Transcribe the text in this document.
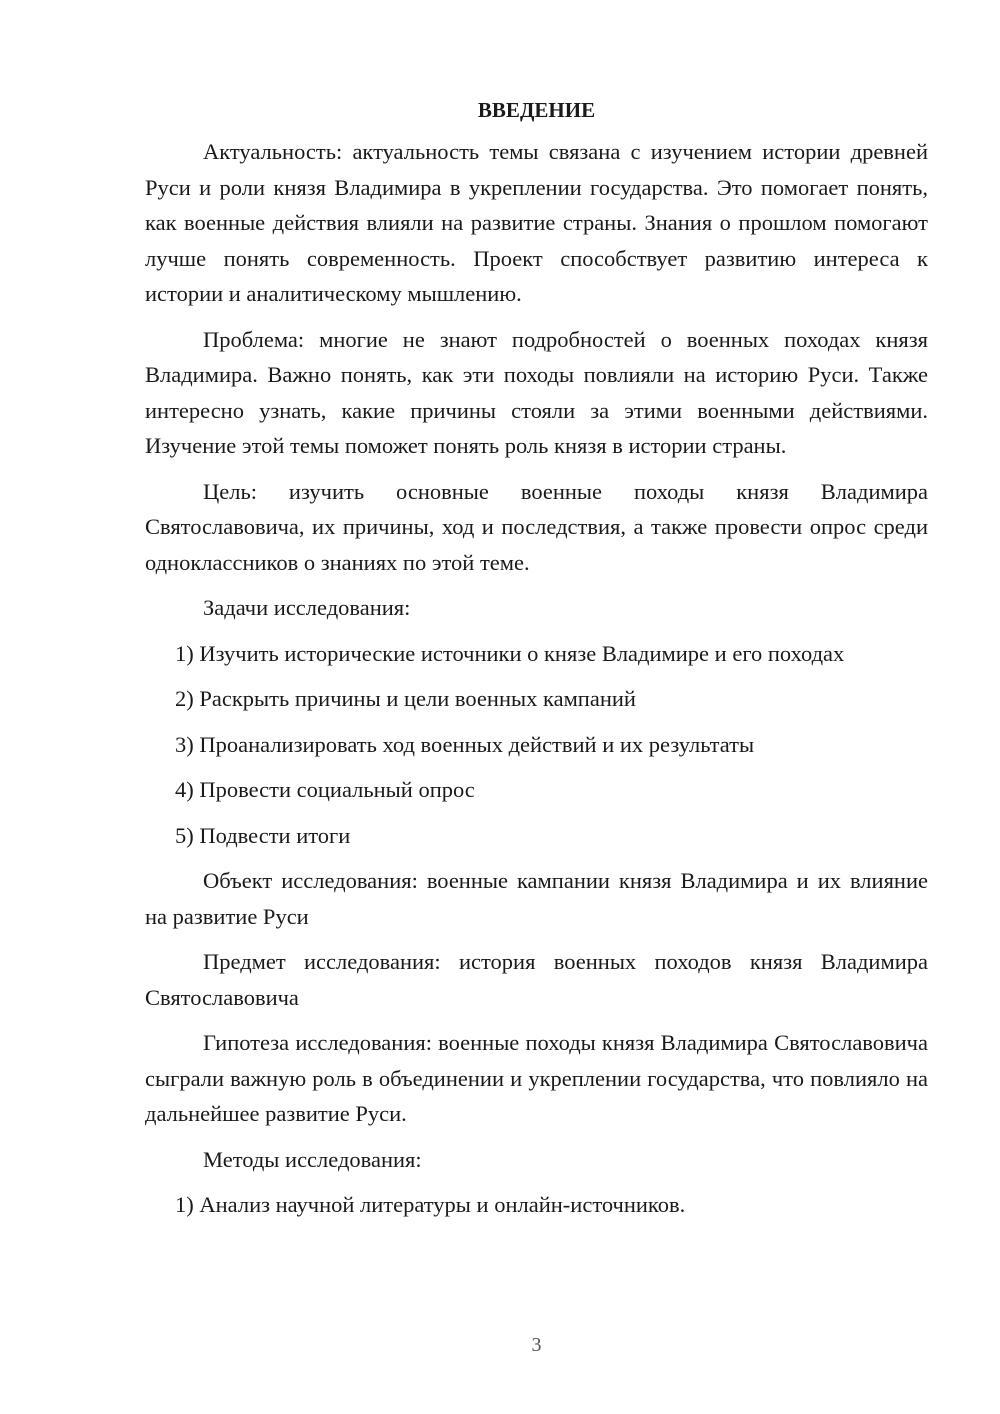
ВВЕДЕНИЕ

Актуальность: актуальность темы связана с изучением истории древней Руси и роли князя Владимира в укреплении государства. Это помогает понять, как военные действия влияли на развитие страны. Знания о прошлом помогают лучше понять современность. Проект способствует развитию интереса к истории и аналитическому мышлению.

Проблема: многие не знают подробностей о военных походах князя Владимира. Важно понять, как эти походы повлияли на историю Руси. Также интересно узнать, какие причины стояли за этими военными действиями. Изучение этой темы поможет понять роль князя в истории страны.

Цель: изучить основные военные походы князя Владимира Святославовича, их причины, ход и последствия, а также провести опрос среди одноклассников о знаниях по этой теме.

Задачи исследования:

1) Изучить исторические источники о князе Владимире и его походах
2) Раскрыть причины и цели военных кампаний
3) Проанализировать ход военных действий и их результаты
4) Провести социальный опрос
5) Подвести итоги

Объект исследования: военные кампании князя Владимира и их влияние на развитие Руси

Предмет исследования: история военных походов князя Владимира Святославовича

Гипотеза исследования: военные походы князя Владимира Святославовича сыграли важную роль в объединении и укреплении государства, что повлияло на дальнейшее развитие Руси.

Методы исследования:

1) Анализ научной литературы и онлайн-источников.
3
